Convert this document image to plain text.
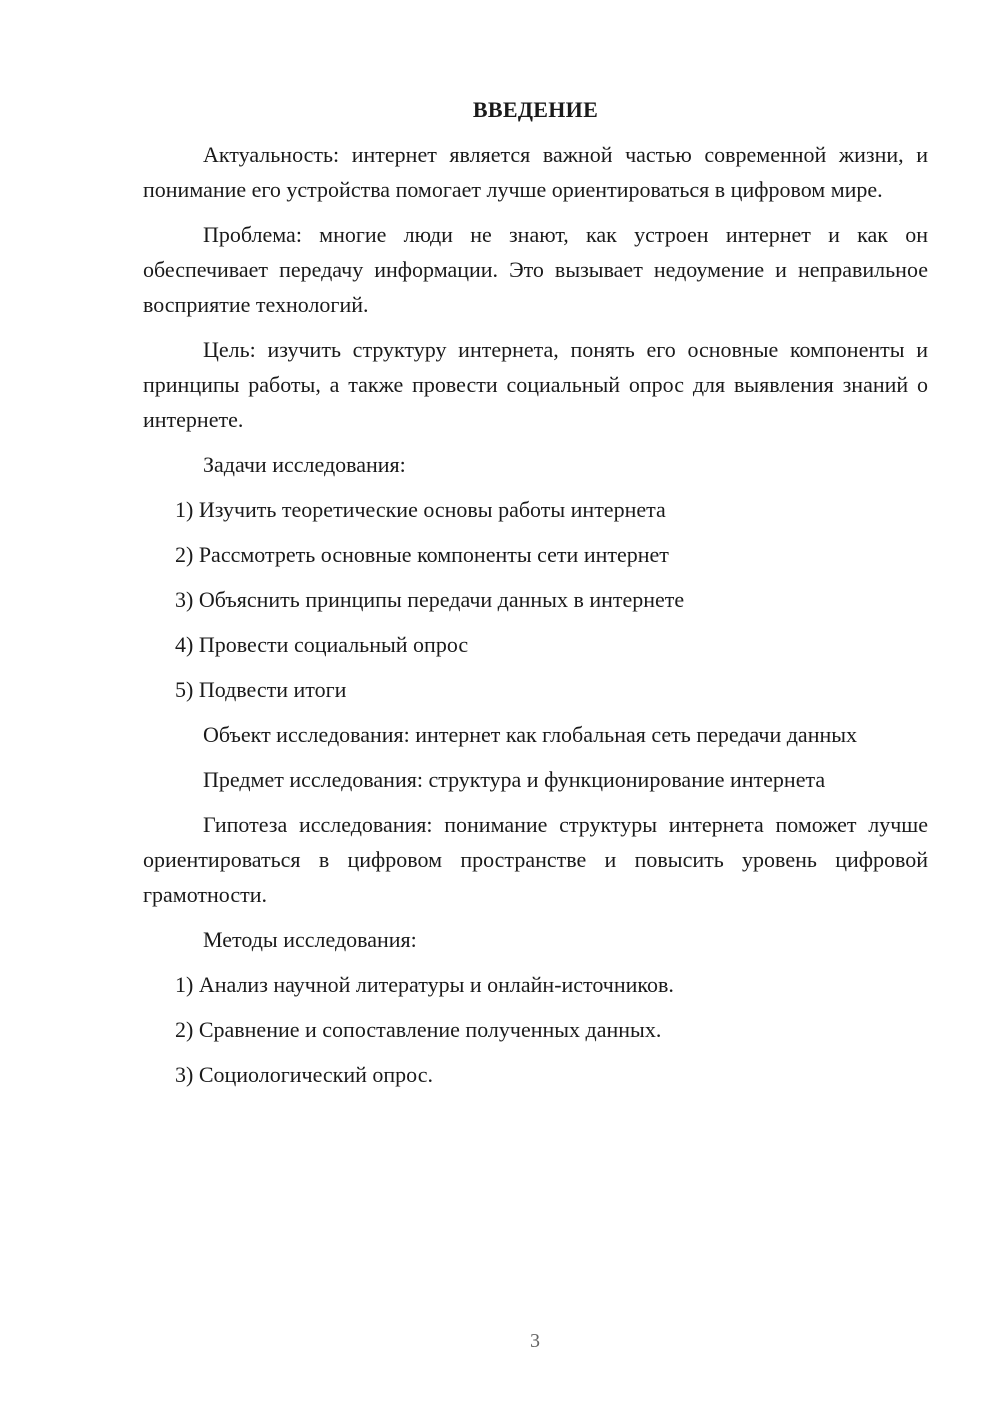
ВВЕДЕНИЕ

Актуальность: интернет является важной частью современной жизни, и понимание его устройства помогает лучше ориентироваться в цифровом мире.

Проблема: многие люди не знают, как устроен интернет и как он обеспечивает передачу информации. Это вызывает недоумение и неправильное восприятие технологий.

Цель: изучить структуру интернета, понять его основные компоненты и принципы работы, а также провести социальный опрос для выявления знаний о интернете.

Задачи исследования:

1) Изучить теоретические основы работы интернета

2) Рассмотреть основные компоненты сети интернет

3) Объяснить принципы передачи данных в интернете

4) Провести социальный опрос

5) Подвести итоги

Объект исследования: интернет как глобальная сеть передачи данных

Предмет исследования: структура и функционирование интернета

Гипотеза исследования: понимание структуры интернета поможет лучше ориентироваться в цифровом пространстве и повысить уровень цифровой грамотности.

Методы исследования:

1) Анализ научной литературы и онлайн-источников.

2) Сравнение и сопоставление полученных данных.

3) Социологический опрос.

3
